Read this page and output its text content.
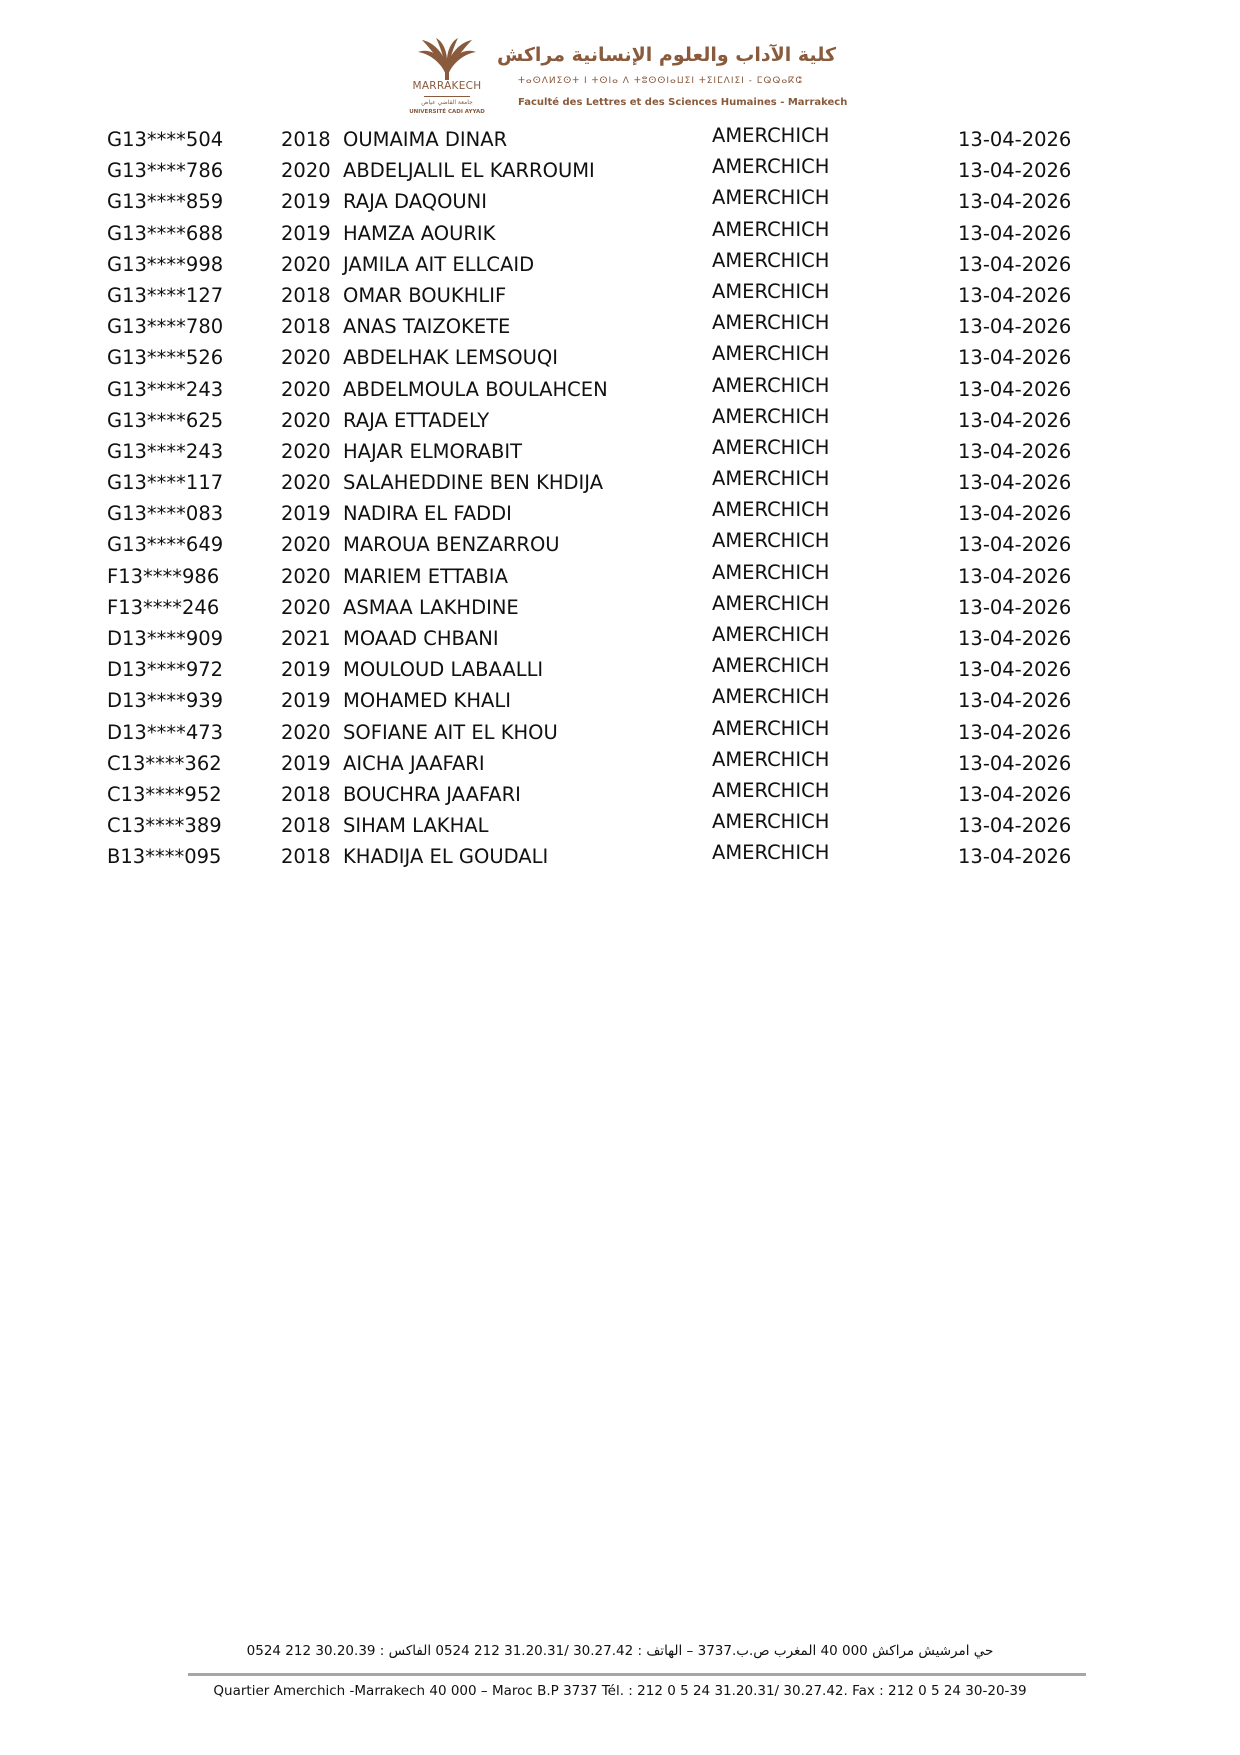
MARRAKECH
جامعة القاضي عياض
UNIVERSITÉ CADI AYYAD
كلية الآداب والعلوم الإنسانية مراكش
ⵜⴰⵙⴷⵍⵉⵙⵜ ⵏ ⵜⵙⵏⴰ ⴷ ⵜⵓⵙⵙⵏⴰⵡⵉⵏ ⵜⵉⵏⵎⴷⵏⵉⵏ - ⵎⵕⵕⴰⴽⵛ
Faculté des Lettres et des Sciences Humaines - Marrakech
G13****504	2018 OUMAIMA DINAR	AMERCHICH	13-04-2026
G13****786	2020 ABDELJALIL EL KARROUMI	AMERCHICH	13-04-2026
G13****859	2019 RAJA DAQOUNI	AMERCHICH	13-04-2026
G13****688	2019 HAMZA AOURIK	AMERCHICH	13-04-2026
G13****998	2020 JAMILA AIT ELLCAID	AMERCHICH	13-04-2026
G13****127	2018 OMAR BOUKHLIF	AMERCHICH	13-04-2026
G13****780	2018 ANAS TAIZOKETE	AMERCHICH	13-04-2026
G13****526	2020 ABDELHAK LEMSOUQI	AMERCHICH	13-04-2026
G13****243	2020 ABDELMOULA BOULAHCEN	AMERCHICH	13-04-2026
G13****625	2020 RAJA ETTADELY	AMERCHICH	13-04-2026
G13****243	2020 HAJAR ELMORABIT	AMERCHICH	13-04-2026
G13****117	2020 SALAHEDDINE BEN KHDIJA	AMERCHICH	13-04-2026
G13****083	2019 NADIRA EL FADDI	AMERCHICH	13-04-2026
G13****649	2020 MAROUA BENZARROU	AMERCHICH	13-04-2026
F13****986	2020 MARIEM ETTABIA	AMERCHICH	13-04-2026
F13****246	2020 ASMAA LAKHDINE	AMERCHICH	13-04-2026
D13****909	2021 MOAAD CHBANI	AMERCHICH	13-04-2026
D13****972	2019 MOULOUD LABAALLI	AMERCHICH	13-04-2026
D13****939	2019 MOHAMED KHALI	AMERCHICH	13-04-2026
D13****473	2020 SOFIANE AIT EL KHOU	AMERCHICH	13-04-2026
C13****362	2019 AICHA JAAFARI	AMERCHICH	13-04-2026
C13****952	2018 BOUCHRA JAAFARI	AMERCHICH	13-04-2026
C13****389	2018 SIHAM LAKHAL	AMERCHICH	13-04-2026
B13****095	2018 KHADIJA EL GOUDALI	AMERCHICH	13-04-2026
حي امرشيش مراكش 000 40 المغرب ص.ب.3737 – الهاتف : 30.27.42 /31.20.31 212 0524 الفاكس : 30.20.39 212 0524
Quartier Amerchich -Marrakech 40 000 – Maroc B.P 3737 Tél. : 212 0 5 24 31.20.31/ 30.27.42. Fax : 212 0 5 24 30-20-39
